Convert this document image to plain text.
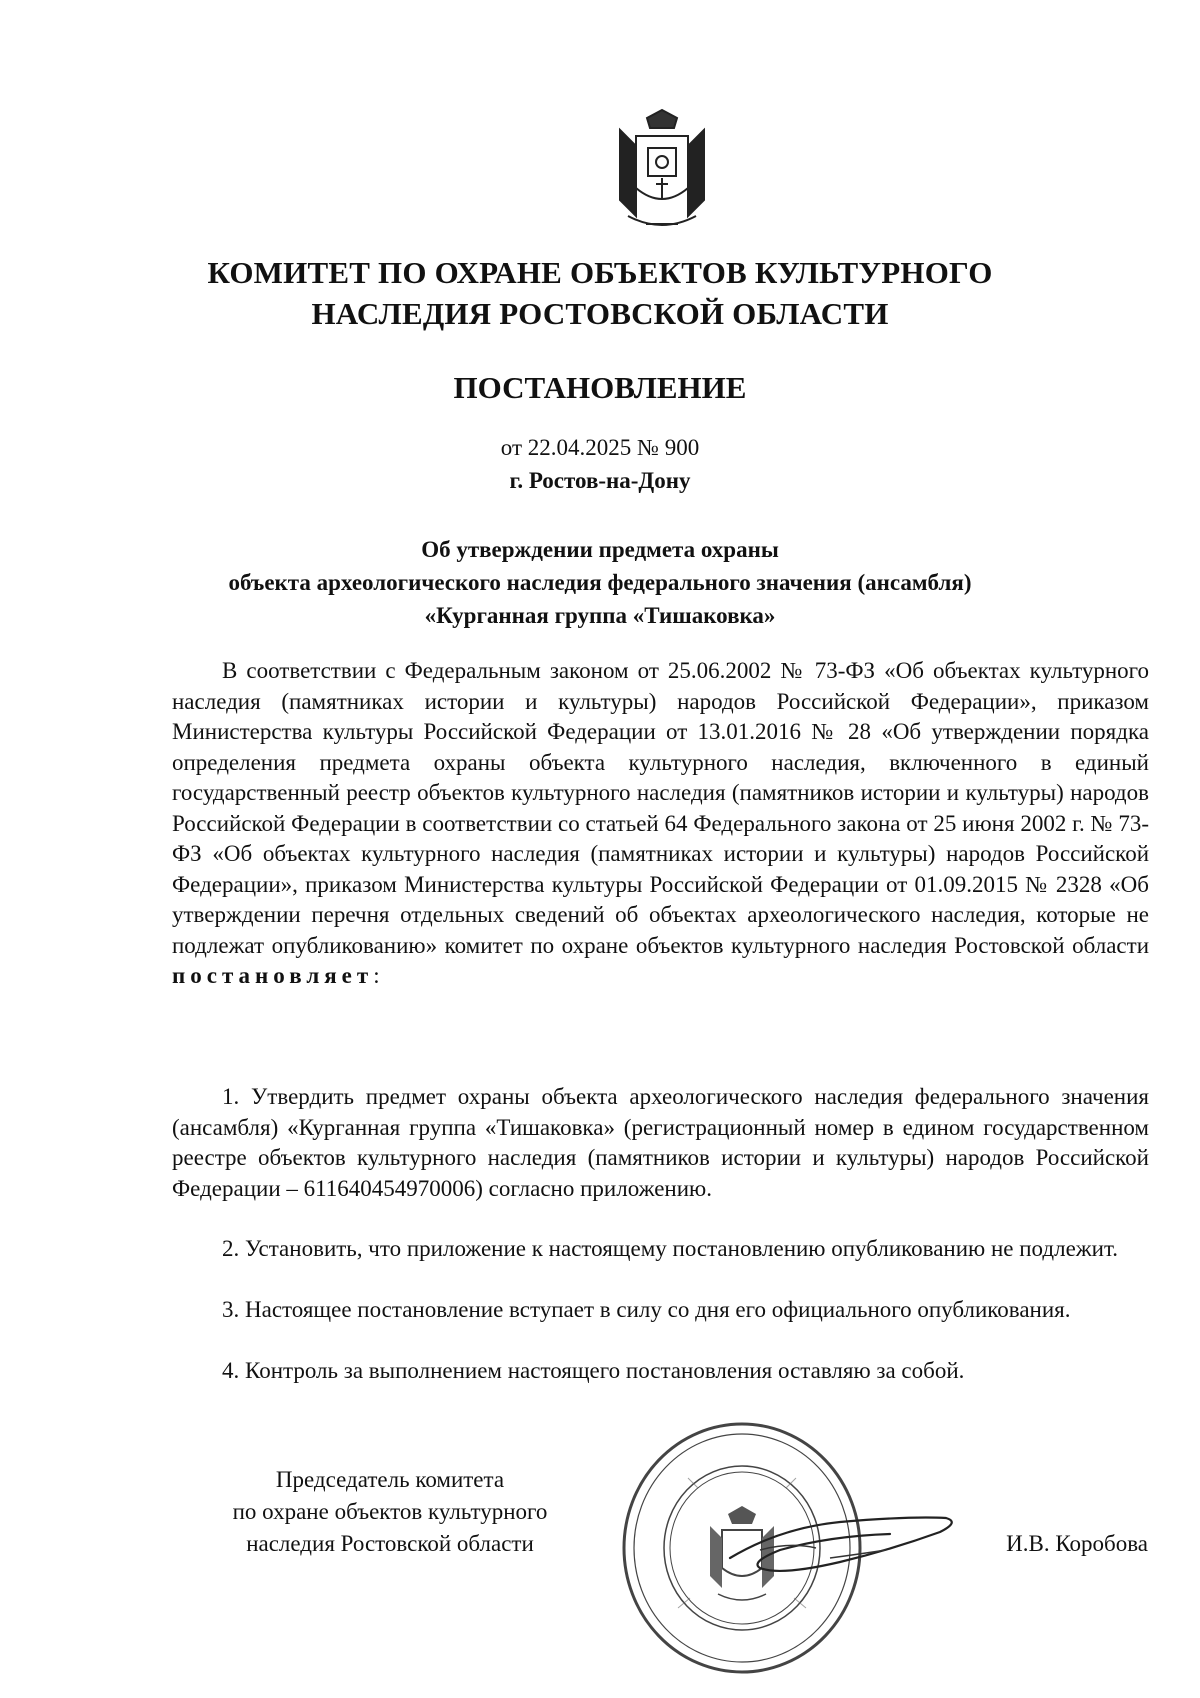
КОМИТЕТ ПО ОХРАНЕ ОБЪЕКТОВ КУЛЬТУРНОГО
НАСЛЕДИЯ РОСТОВСКОЙ ОБЛАСТИ
ПОСТАНОВЛЕНИЕ
от 22.04.2025 № 900
г. Ростов-на-Дону
Об утверждении предмета охраны
объекта археологического наследия федерального значения (ансамбля)
«Курганная группа «Тишаковка»

В соответствии с Федеральным законом от 25.06.2002 № 73-ФЗ «Об объектах культурного наследия (памятниках истории и культуры) народов Российской Федерации», приказом Министерства культуры Российской Федерации от 13.01.2016 № 28 «Об утверждении порядка определения предмета охраны объекта культурного наследия, включенного в единый государственный реестр объектов культурного наследия (памятников истории и культуры) народов Российской Федерации в соответствии со статьей 64 Федерального закона от 25 июня 2002 г. № 73-ФЗ «Об объектах культурного наследия (памятниках истории и культуры) народов Российской Федерации», приказом Министерства культуры Российской Федерации от 01.09.2015 № 2328 «Об утверждении перечня отдельных сведений об объектах археологического наследия, которые не подлежат опубликованию» комитет по охране объектов культурного наследия Ростовской области постановляет:

1. Утвердить предмет охраны объекта археологического наследия федерального значения (ансамбля) «Курганная группа «Тишаковка» (регистрационный номер в едином государственном реестре объектов культурного наследия (памятников истории и культуры) народов Российской Федерации – 611640454970006) согласно приложению.

2. Установить, что приложение к настоящему постановлению опубликованию не подлежит.

3. Настоящее постановление вступает в силу со дня его официального опубликования.

4. Контроль за выполнением настоящего постановления оставляю за собой.

Председатель комитета
по охране объектов культурного
наследия Ростовской области	И.В. Коробова
